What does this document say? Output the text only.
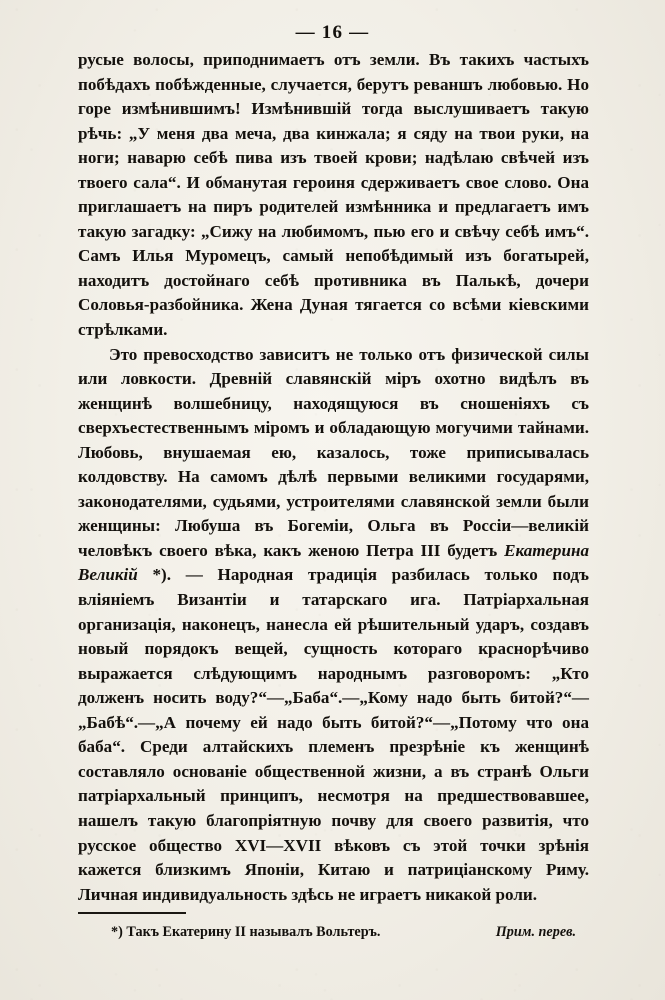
— 16 —

русые волосы, приподнимаетъ отъ земли. Въ такихъ частыхъ побѣдахъ побѣжденные, случается, берутъ реваншъ любовью. Но горе измѣнившимъ! Измѣнившій тогда выслушиваетъ такую рѣчь: „У меня два меча, два кинжала; я сяду на твои руки, на ноги; наварю себѣ пива изъ твоей крови; надѣлаю свѣчей изъ твоего сала“. И обманутая героиня сдерживаетъ свое слово. Она приглашаетъ на пиръ родителей измѣнника и предлагаетъ имъ такую загадку: „Сижу на любимомъ, пью его и свѣчу себѣ имъ“. Самъ Илья Муромецъ, самый непобѣдимый изъ богатырей, находитъ достойнаго себѣ противника въ Палькѣ, дочери Соловья-разбойника. Жена Дуная тягается со всѣми кіевскими стрѣлками.

Это превосходство зависитъ не только отъ физической силы или ловкости. Древній славянскій міръ охотно видѣлъ въ женщинѣ волшебницу, находящуюся въ сношеніяхъ съ сверхъестественнымъ міромъ и обладающую могучими тайнами. Любовь, внушаемая ею, казалось, тоже приписывалась колдовству. На самомъ дѣлѣ первыми великими государями, законодателями, судьями, устроителями славянской земли были женщины: Любуша въ Богеміи, Ольга въ Россіи—великій человѣкъ своего вѣка, какъ женою Петра III будетъ Екатерина Великій *). — Народная традиція разбилась только подъ вліяніемъ Византіи и татарскаго ига. Патріархальная организація, наконецъ, нанесла ей рѣшительный ударъ, создавъ новый порядокъ вещей, сущность котораго краснорѣчиво выражается слѣдующимъ народнымъ разговоромъ: „Кто долженъ носить воду?“—„Баба“.—„Кому надо быть битой?“—„Бабѣ“.—„А почему ей надо быть битой?“—„Потому что она баба“. Среди алтайскихъ племенъ презрѣніе къ женщинѣ составляло основаніе общественной жизни, а въ странѣ Ольги патріархальный принципъ, несмотря на предшествовавшее, нашелъ такую благопріятную почву для своего развитія, что русское общество XVI—XVII вѣковъ съ этой точки зрѣнія кажется близкимъ Японіи, Китаю и патриціанскому Риму. Личная индивидуальность здѣсь не играетъ никакой роли.

*) Такъ Екатерину II называлъ Вольтеръ.	Прим. перев.
